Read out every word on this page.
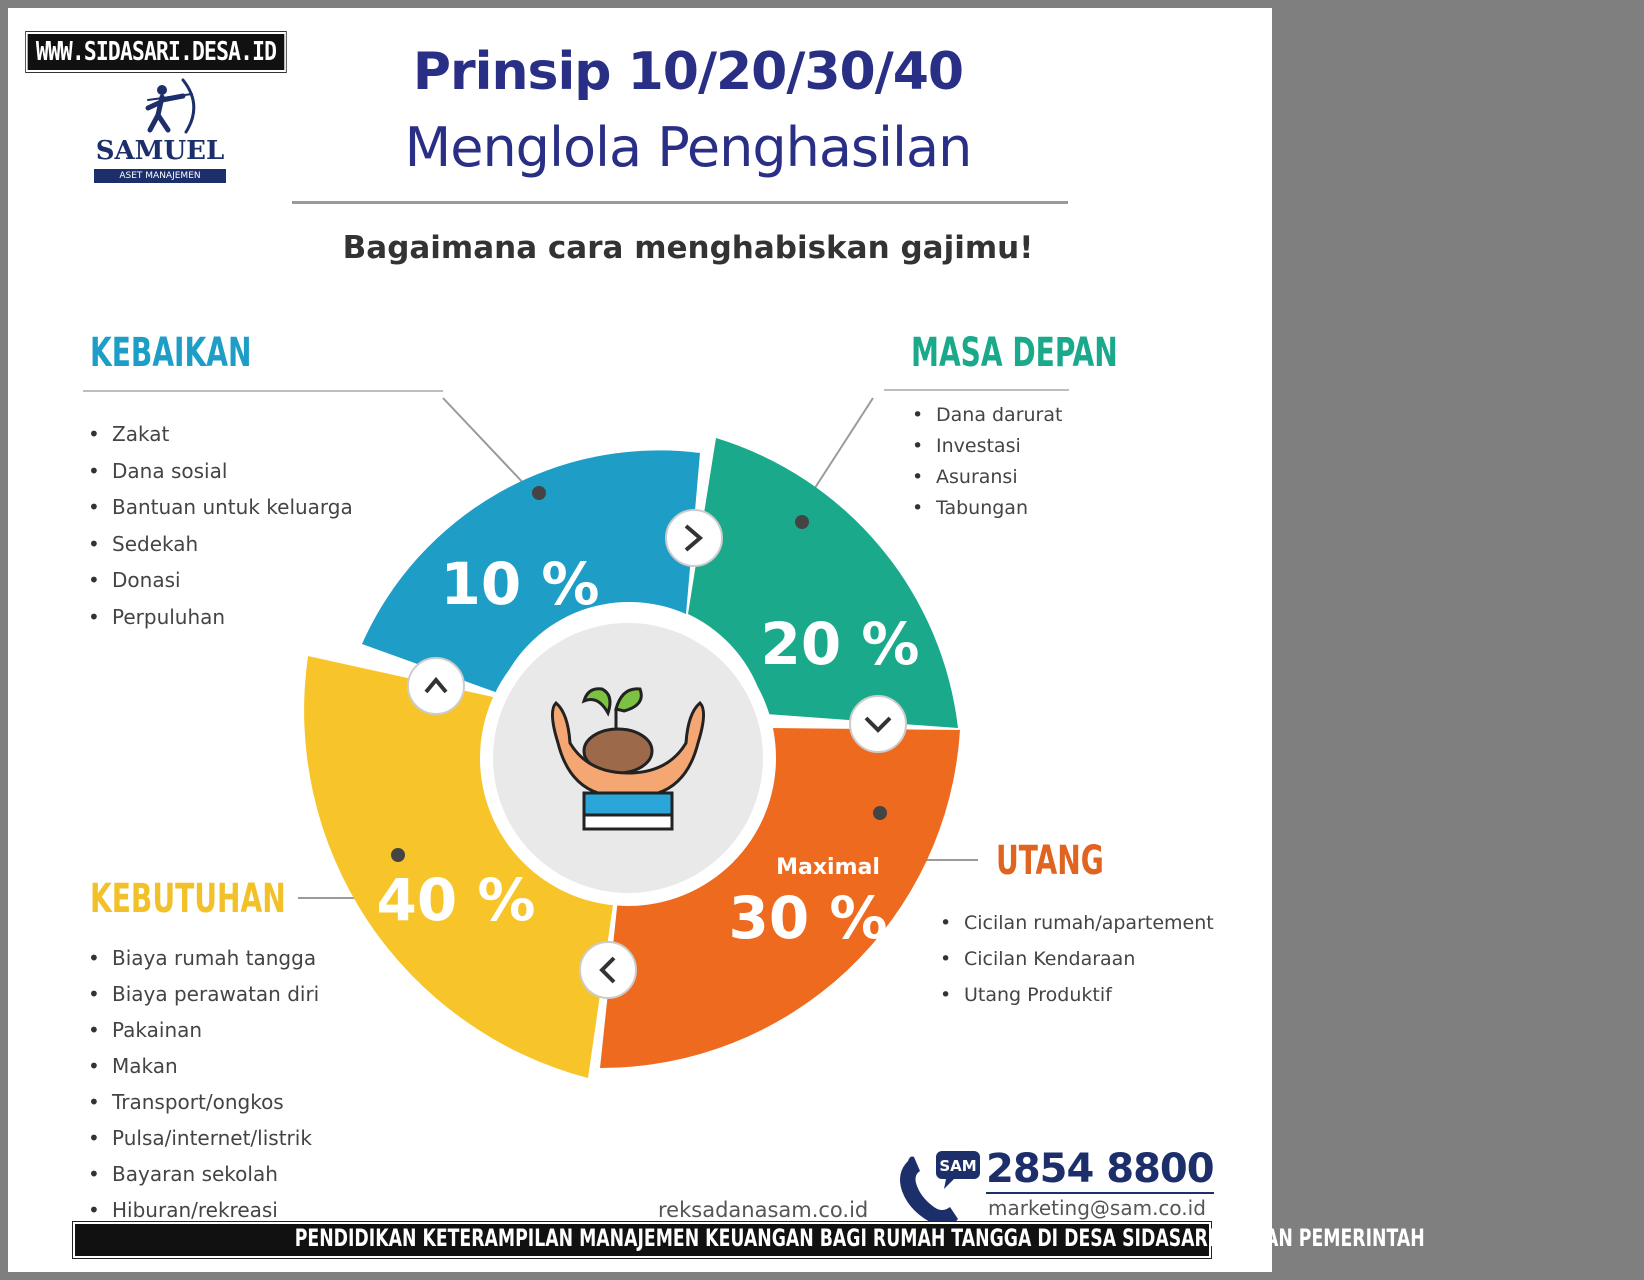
WWW.SIDASARI.DESA.ID
SAMUEL
ASET MANAJEMEN
Prinsip 10/20/30/40
Menglola Penghasilan
Bagaimana cara menghabiskan gajimu!
KEBAIKAN
• Zakat
• Dana sosial
• Bantuan untuk keluarga
• Sedekah
• Donasi
• Perpuluhan
MASA DEPAN
• Dana darurat
• Investasi
• Asuransi
• Tabungan
UTANG
• Cicilan rumah/apartement
• Cicilan Kendaraan
• Utang Produktif
KEBUTUHAN
• Biaya rumah tangga
• Biaya perawatan diri
• Pakainan
• Makan
• Transport/ongkos
• Pulsa/internet/listrik
• Bayaran sekolah
• Hiburan/rekreasi
10 %
20 %
Maximal
30 %
40 %
reksadanasam.co.id
SAM 2854 8800
marketing@sam.co.id
PENDIDIKAN KETERAMPILAN MANAJEMEN KEUANGAN BAGI RUMAH TANGGA DI DESA SIDASARI: PERAN PEMERINTAH
